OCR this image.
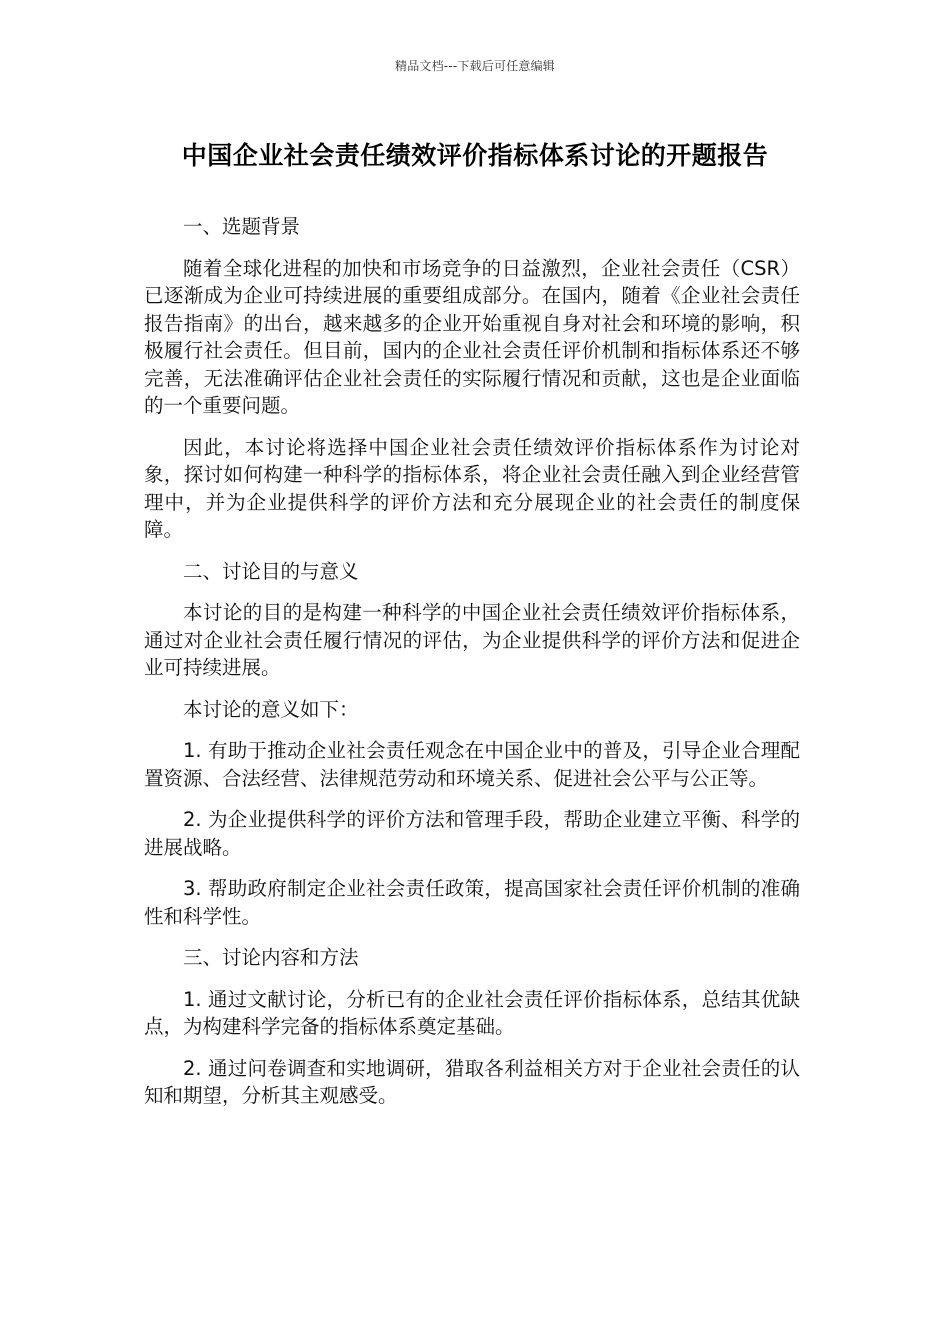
精品文档---下载后可任意编辑
中国企业社会责任绩效评价指标体系讨论的开题报告

一、选题背景

随着全球化进程的加快和市场竞争的日益激烈，企业社会责任（CSR）已逐渐成为企业可持续进展的重要组成部分。在国内，随着《企业社会责任报告指南》的出台，越来越多的企业开始重视自身对社会和环境的影响，积极履行社会责任。但目前，国内的企业社会责任评价机制和指标体系还不够完善，无法准确评估企业社会责任的实际履行情况和贡献，这也是企业面临的一个重要问题。

因此，本讨论将选择中国企业社会责任绩效评价指标体系作为讨论对象，探讨如何构建一种科学的指标体系，将企业社会责任融入到企业经营管理中，并为企业提供科学的评价方法和充分展现企业的社会责任的制度保障。

二、讨论目的与意义

本讨论的目的是构建一种科学的中国企业社会责任绩效评价指标体系，通过对企业社会责任履行情况的评估，为企业提供科学的评价方法和促进企业可持续进展。

本讨论的意义如下：

1. 有助于推动企业社会责任观念在中国企业中的普及，引导企业合理配置资源、合法经营、法律规范劳动和环境关系、促进社会公平与公正等。

2. 为企业提供科学的评价方法和管理手段，帮助企业建立平衡、科学的进展战略。

3. 帮助政府制定企业社会责任政策，提高国家社会责任评价机制的准确性和科学性。

三、讨论内容和方法

1. 通过文献讨论，分析已有的企业社会责任评价指标体系，总结其优缺点，为构建科学完备的指标体系奠定基础。

2. 通过问卷调查和实地调研，猎取各利益相关方对于企业社会责任的认知和期望，分析其主观感受。
